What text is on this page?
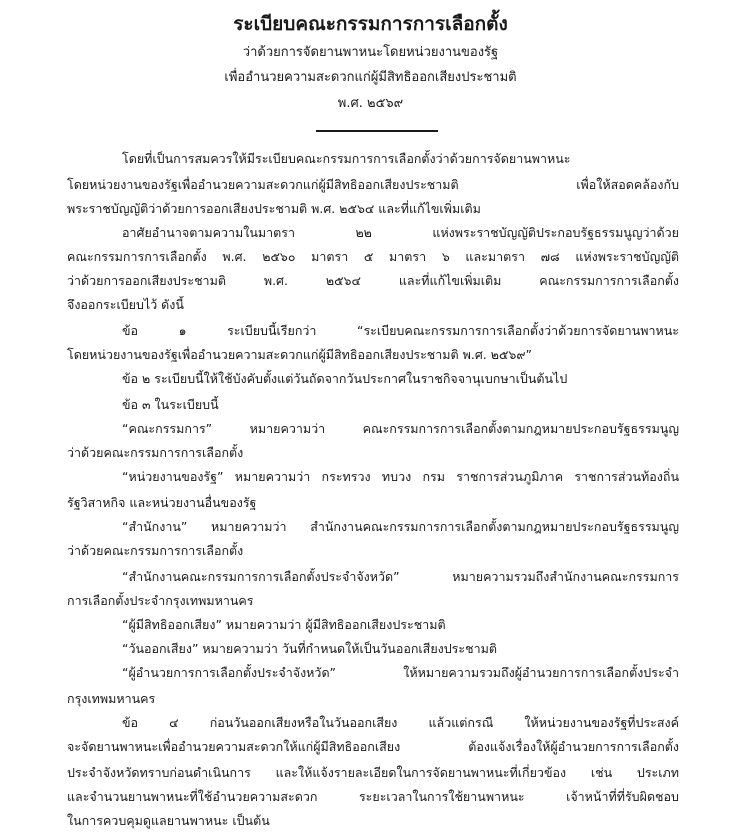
ระเบียบคณะกรรมการการเลือกตั้ง
ว่าด้วยการจัดยานพาหนะโดยหน่วยงานของรัฐ
เพื่ออำนวยความสะดวกแก่ผู้มีสิทธิออกเสียงประชามติ
พ.ศ. ๒๕๖๙
โดยที่เป็นการสมควรให้มีระเบียบคณะกรรมการการเลือกตั้งว่าด้วยการจัดยานพาหนะ
โดยหน่วยงานของรัฐเพื่ออำนวยความสะดวกแก่ผู้มีสิทธิออกเสียงประชามติ เพื่อให้สอดคล้องกับ
พระราชบัญญัติว่าด้วยการออกเสียงประชามติ พ.ศ. ๒๕๖๔ และที่แก้ไขเพิ่มเติม
อาศัยอำนาจตามความในมาตรา ๒๒ แห่งพระราชบัญญัติประกอบรัฐธรรมนูญว่าด้วย
คณะกรรมการการเลือกตั้ง พ.ศ. ๒๕๖๐ มาตรา ๕ มาตรา ๖ และมาตรา ๗๘ แห่งพระราชบัญญัติ
ว่าด้วยการออกเสียงประชามติ พ.ศ. ๒๕๖๔ และที่แก้ไขเพิ่มเติม คณะกรรมการการเลือกตั้ง
จึงออกระเบียบไว้ ดังนี้
ข้อ ๑ ระเบียบนี้เรียกว่า “ระเบียบคณะกรรมการการเลือกตั้งว่าด้วยการจัดยานพาหนะ
โดยหน่วยงานของรัฐเพื่ออำนวยความสะดวกแก่ผู้มีสิทธิออกเสียงประชามติ พ.ศ. ๒๕๖๙”
ข้อ ๒ ระเบียบนี้ให้ใช้บังคับตั้งแต่วันถัดจากวันประกาศในราชกิจจานุเบกษาเป็นต้นไป
ข้อ ๓ ในระเบียบนี้
“คณะกรรมการ” หมายความว่า คณะกรรมการการเลือกตั้งตามกฎหมายประกอบรัฐธรรมนูญ
ว่าด้วยคณะกรรมการการเลือกตั้ง
“หน่วยงานของรัฐ” หมายความว่า กระทรวง ทบวง กรม ราชการส่วนภูมิภาค ราชการส่วนท้องถิ่น
รัฐวิสาหกิจ และหน่วยงานอื่นของรัฐ
“สำนักงาน” หมายความว่า สำนักงานคณะกรรมการการเลือกตั้งตามกฎหมายประกอบรัฐธรรมนูญ
ว่าด้วยคณะกรรมการการเลือกตั้ง
“สำนักงานคณะกรรมการการเลือกตั้งประจำจังหวัด” หมายความรวมถึงสำนักงานคณะกรรมการ
การเลือกตั้งประจำกรุงเทพมหานคร
“ผู้มีสิทธิออกเสียง” หมายความว่า ผู้มีสิทธิออกเสียงประชามติ
“วันออกเสียง” หมายความว่า วันที่กำหนดให้เป็นวันออกเสียงประชามติ
“ผู้อำนวยการการเลือกตั้งประจำจังหวัด” ให้หมายความรวมถึงผู้อำนวยการการเลือกตั้งประจำ
กรุงเทพมหานคร
ข้อ ๔ ก่อนวันออกเสียงหรือในวันออกเสียง แล้วแต่กรณี ให้หน่วยงานของรัฐที่ประสงค์
จะจัดยานพาหนะเพื่ออำนวยความสะดวกให้แก่ผู้มีสิทธิออกเสียง ต้องแจ้งเรื่องให้ผู้อำนวยการการเลือกตั้ง
ประจำจังหวัดทราบก่อนดำเนินการ และให้แจ้งรายละเอียดในการจัดยานพาหนะที่เกี่ยวข้อง เช่น ประเภท
และจำนวนยานพาหนะที่ใช้อำนวยความสะดวก ระยะเวลาในการใช้ยานพาหนะ เจ้าหน้าที่ที่รับผิดชอบ
ในการควบคุมดูแลยานพาหนะ เป็นต้น
